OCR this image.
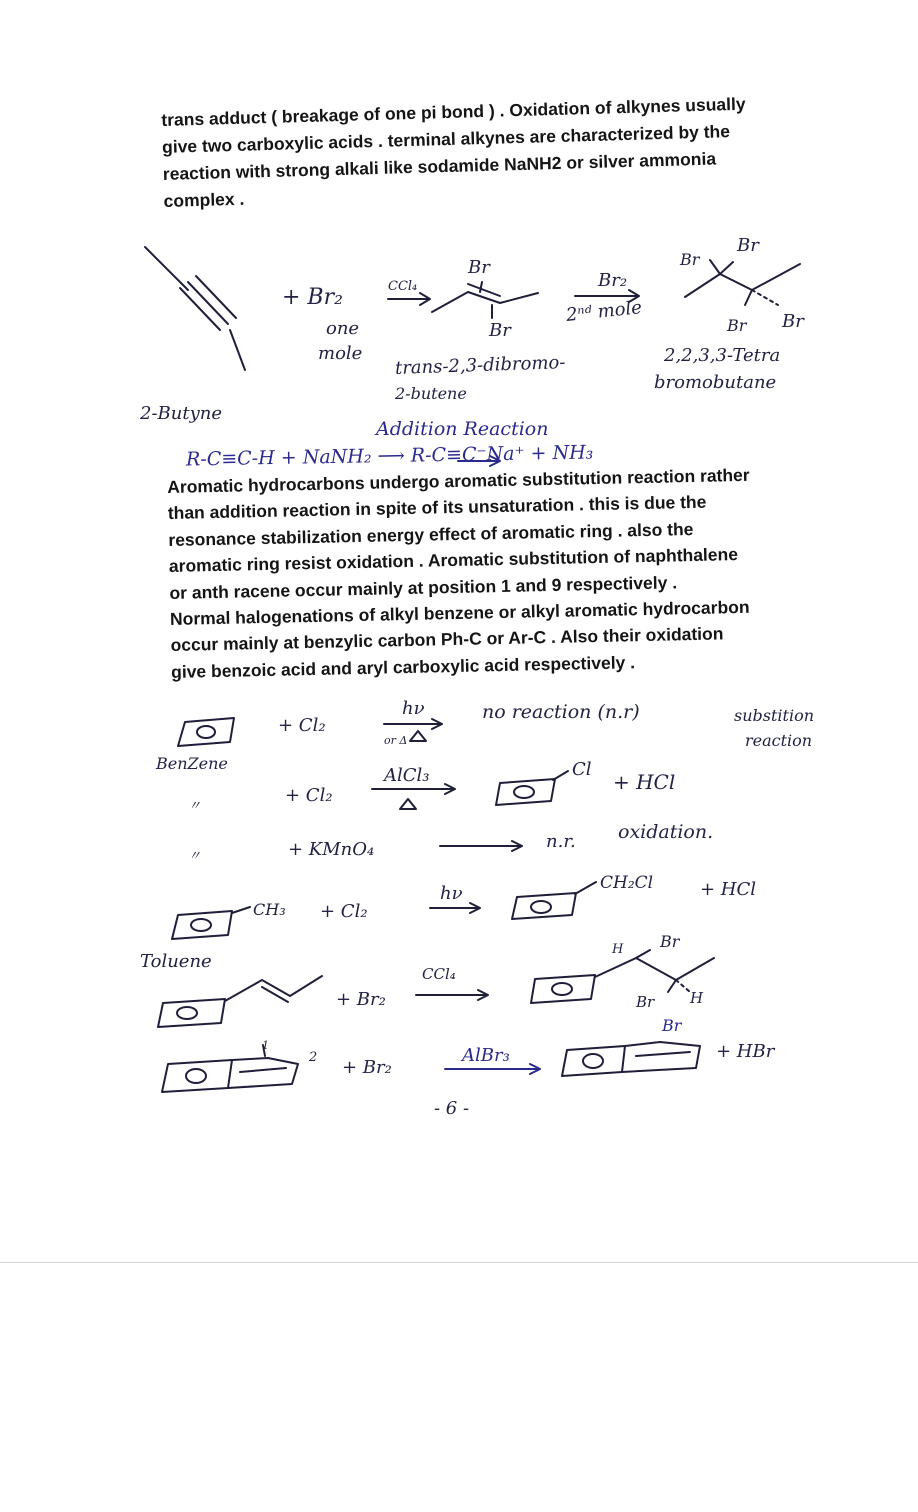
trans adduct ( breakage of one pi bond ) . Oxidation of alkynes usually
give two carboxylic acids . terminal alkynes are characterized by the
reaction with strong alkali like sodamide NaNH2 or silver ammonia
complex .
+ Br₂	CCl₄
one
mole
Br
Br
Br₂
2ⁿᵈ mole
Br
Br
Br Br
trans-2,3-dibromo-
2-butene
2,2,3,3-Tetra
bromobutane
2-Butyne
Addition Reaction
R-C≡C-H + NaNH₂ ⟶ R-C≡C⁻Na⁺ + NH₃
Aromatic hydrocarbons undergo aromatic substitution reaction rather
than addition reaction in spite of its unsaturation . this is due the
resonance stabilization energy effect of aromatic ring . also the
aromatic ring resist oxidation . Aromatic substitution of naphthalene
or anth racene occur mainly at position 1 and 9 respectively .
Normal halogenations of alkyl benzene or alkyl aromatic hydrocarbon
occur mainly at benzylic carbon Ph-C or Ar-C . Also their oxidation
give benzoic acid and aryl carboxylic acid respectively .
+ Cl₂
hν
or Δ
no reaction (n.r)	substition
reaction
BenZene
〃
+ Cl₂
AlCl₃	Cl
+ HCl
〃	+ KMnO₄	n.r. oxidation.
CH₃ + Cl₂
hν	CH₂Cl	+ HCl
Toluene
+ Br₂
CCl₄
H Br
Br H
1
2 + Br₂
AlBr₃
Br
+ HBr
- 6 -
